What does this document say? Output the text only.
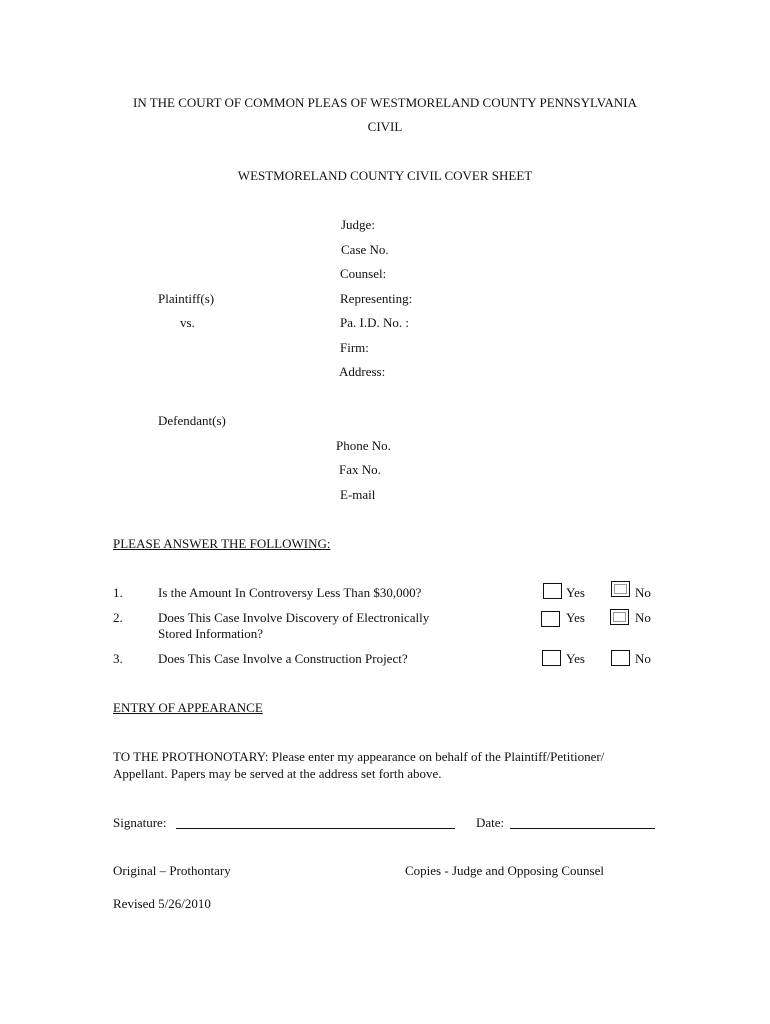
IN THE COURT OF COMMON PLEAS OF WESTMORELAND COUNTY PENNSYLVANIA
CIVIL
WESTMORELAND COUNTY CIVIL COVER SHEET
Judge:
Case No.
Counsel:
Plaintiff(s)	Representing:
vs.	Pa. I.D. No. :
Firm:
Address:
Defendant(s)
Phone No.
Fax No.
E-mail
PLEASE ANSWER THE FOLLOWING:
1.	Is the Amount In Controversy Less Than $30,000?	Yes	No
2.	Does This Case Involve Discovery of Electronically
Stored Information?
Yes	No
3.	Does This Case Involve a Construction Project?	Yes	No
ENTRY OF APPEARANCE
TO THE PROTHONOTARY: Please enter my appearance on behalf of the Plaintiff/Petitioner/
Appellant. Papers may be served at the address set forth above.
Signature:	Date:
Original – Prothontary	Copies - Judge and Opposing Counsel
Revised 5/26/2010
